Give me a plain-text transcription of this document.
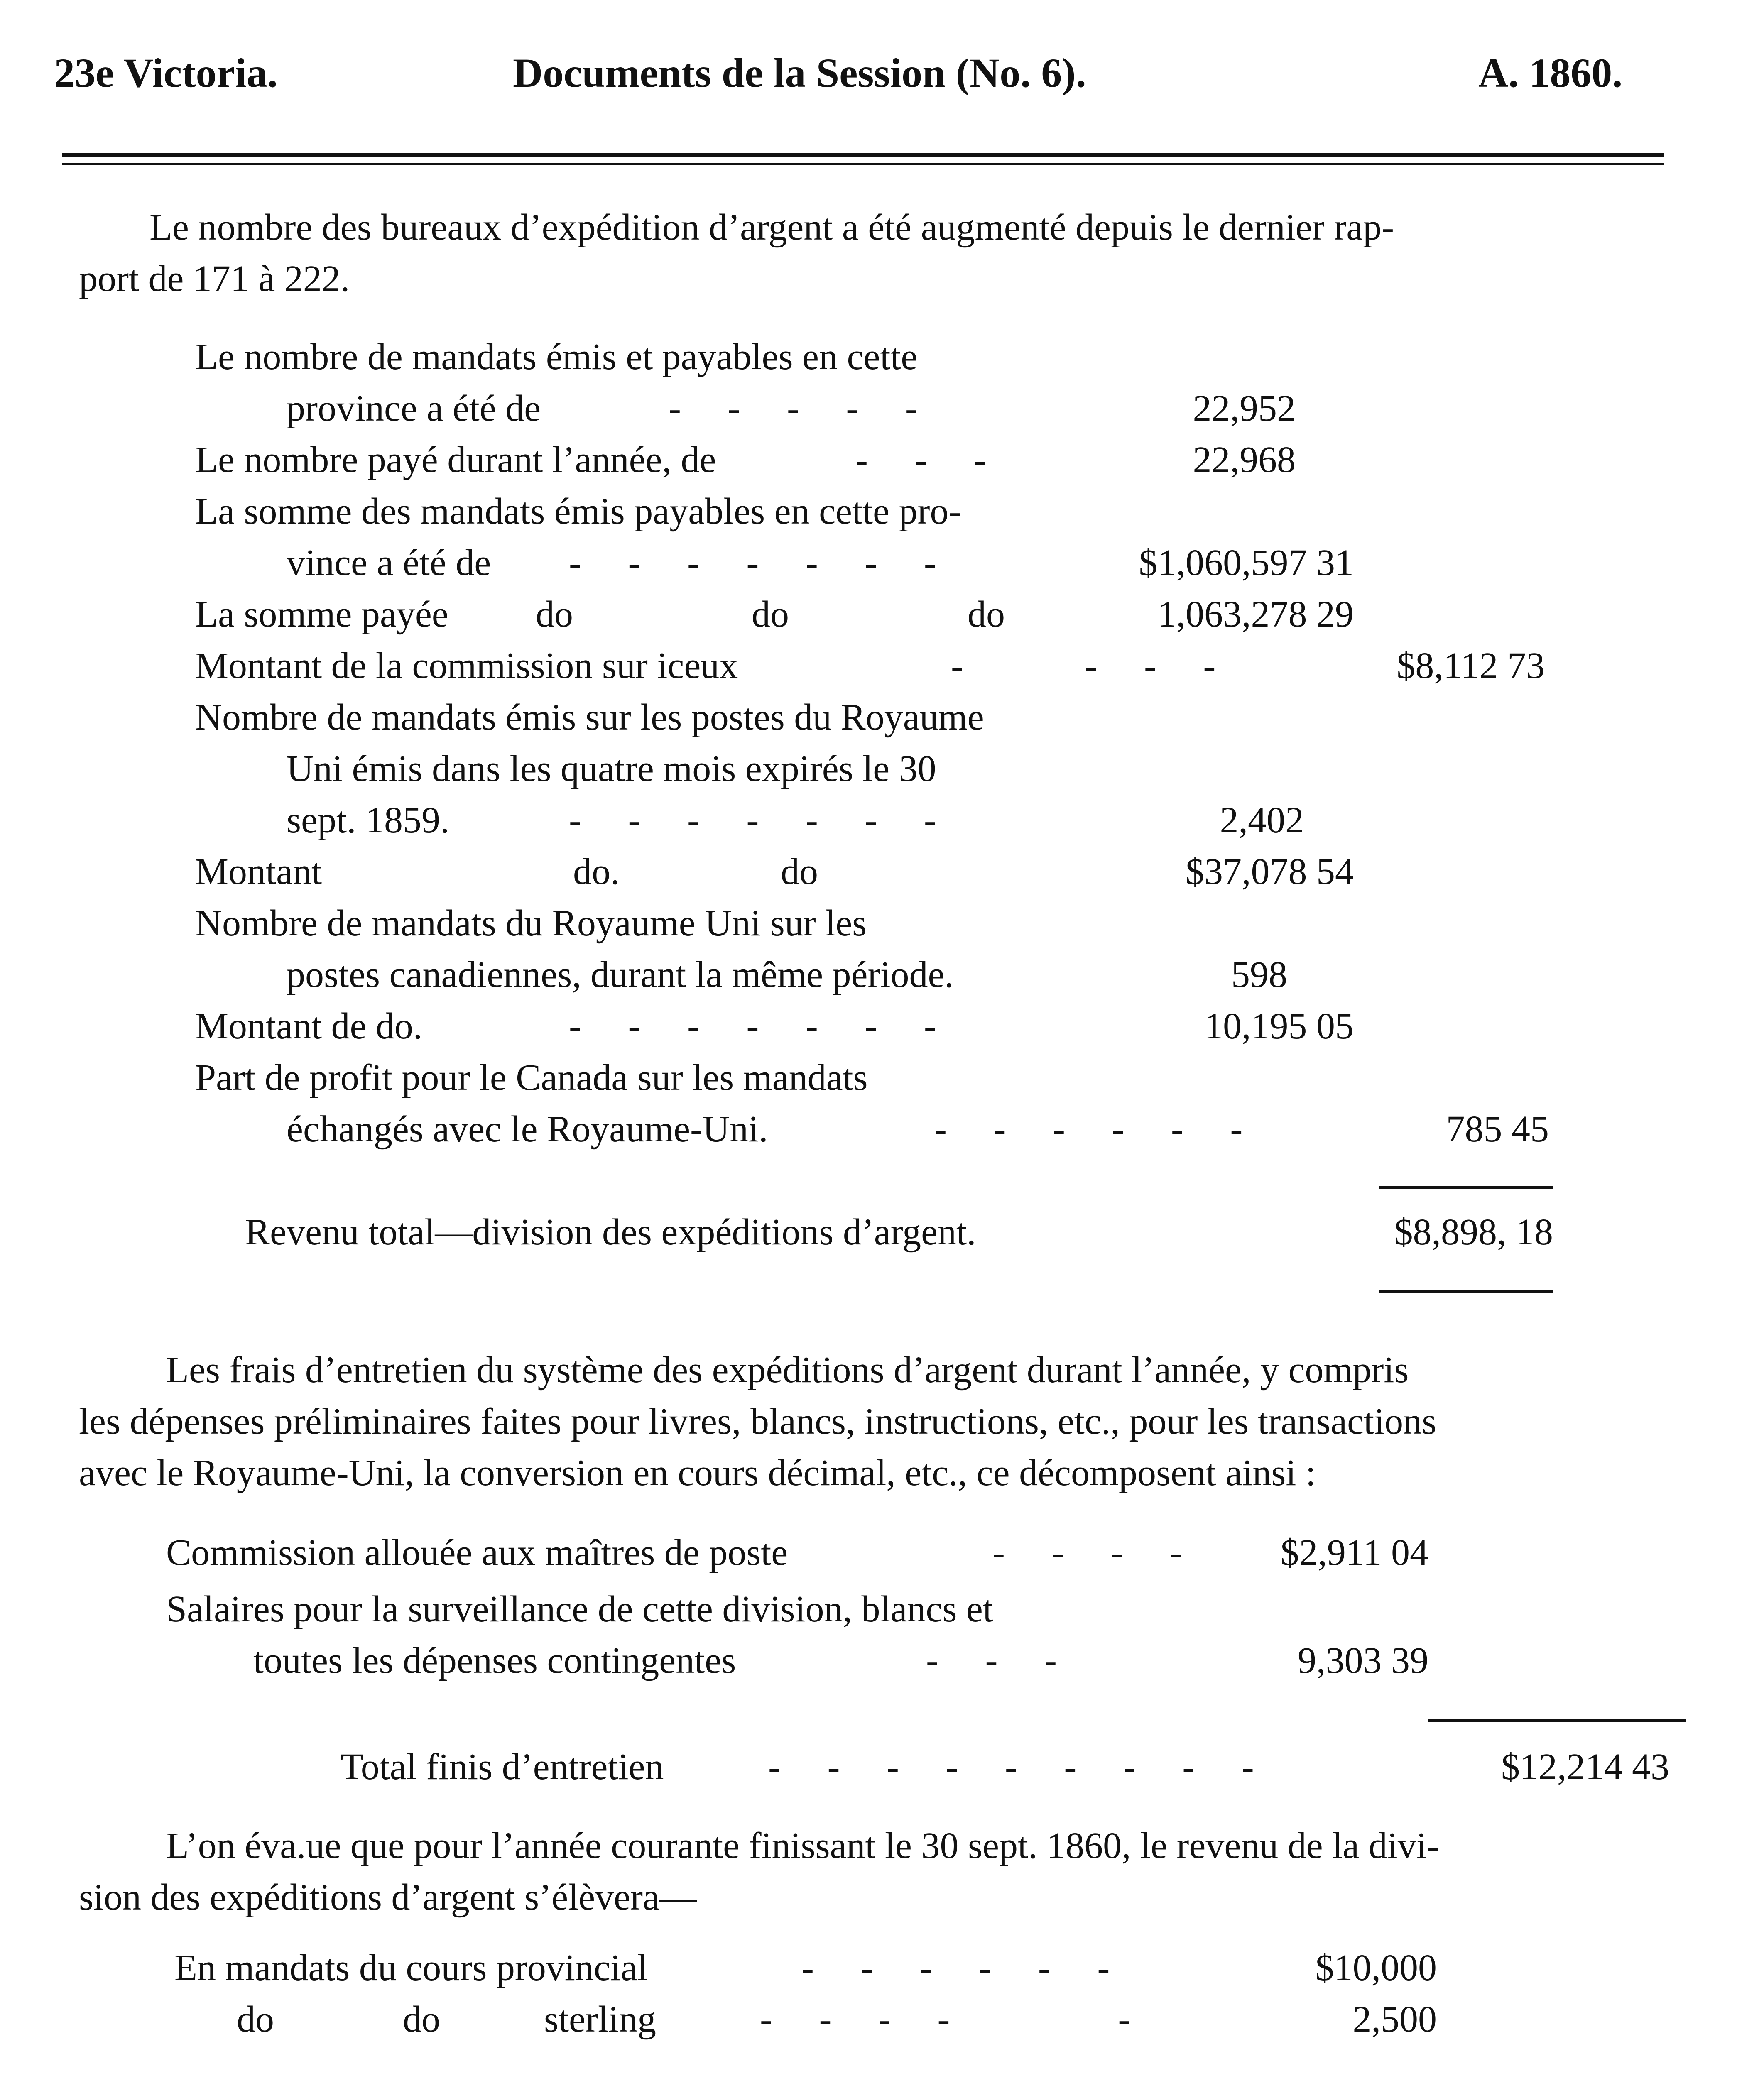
23e Victoria.	Documents de la Session (No. 6).	A. 1860.
Le nombre des bureaux d’expédition d’argent a été augmenté depuis le dernier rap-
port de 171 à 222.
Le nombre de mandats émis et payables en cette
province a été de	-     -     -     -     -	22,952
Le nombre payé durant l’année, de	-     -     -	22,968
La somme des mandats émis payables en cette pro-
vince a été de -     -     -     -     -     -     -	$1,060,597 31
La somme payée do	do	do	1,063,278 29
Montant de la commission sur iceux	-             -     -     -	$8,112 73
Nombre de mandats émis sur les postes du Royaume
Uni émis dans les quatre mois expirés le 30
sept. 1859.	-     -     -     -     -     -     -	2,402
Montant	do.	do	$37,078 54
Nombre de mandats du Royaume Uni sur les
postes canadiennes, durant la même période.	598
Montant de do.	-     -     -     -     -     -     -	10,195 05
Part de profit pour le Canada sur les mandats
échangés avec le Royaume-Uni.	-     -     -     -     -     -	785 45
Revenu total—division des expéditions d’argent.	$8,898, 18
Les frais d’entretien du système des expéditions d’argent durant l’année, y compris
les dépenses préliminaires faites pour livres, blancs, instructions, etc., pour les transactions
avec le Royaume-Uni, la conversion en cours décimal, etc., ce décomposent ainsi :
Commission allouée aux maîtres de poste	-     -     -     -	$2,911 04
Salaires pour la surveillance de cette division, blancs et
toutes les dépenses contingentes	-     -     -	9,303 39
Total finis d’entretien	-     -     -     -     -     -     -     -     -	$12,214 43
L’on éva.ue que pour l’année courante finissant le 30 sept. 1860, le revenu de la divi-
sion des expéditions d’argent s’élèvera—
En mandats du cours provincial	-     -     -     -     -     -	$10,000
do	do	sterling	-     -     -     -                  -	2,500
